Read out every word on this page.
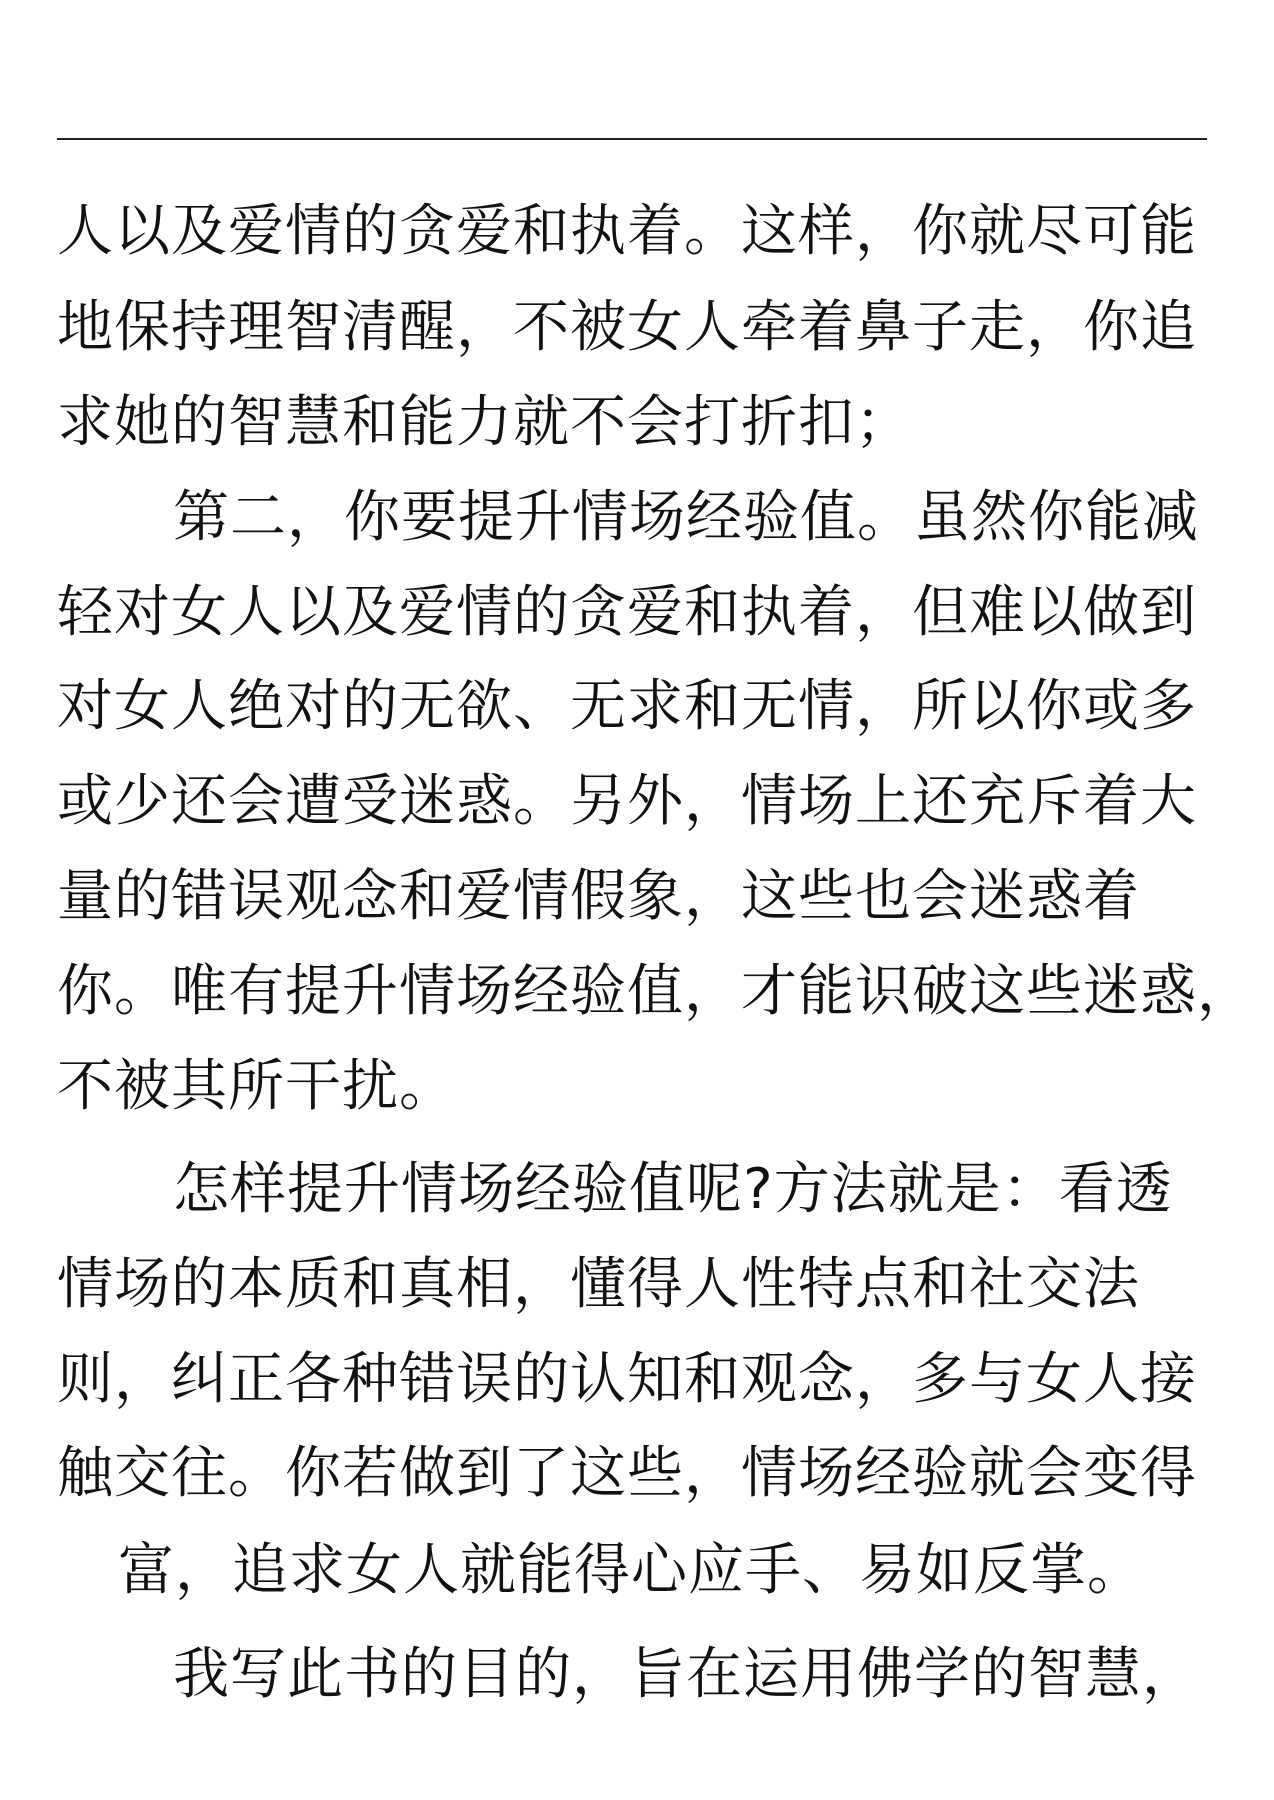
人以及爱情的贪爱和执着。这样，你就尽可能
地保持理智清醒，不被女人牵着鼻子走，你追
求她的智慧和能力就不会打折扣；
第二，你要提升情场经验值。虽然你能减
轻对女人以及爱情的贪爱和执着，但难以做到
对女人绝对的无欲、无求和无情，所以你或多
或少还会遭受迷惑。另外，情场上还充斥着大
量的错误观念和爱情假象，这些也会迷惑着
你。唯有提升情场经验值，才能识破这些迷惑，
不被其所干扰。
怎样提升情场经验值呢?方法就是：看透
情场的本质和真相，懂得人性特点和社交法
则，纠正各种错误的认知和观念，多与女人接
触交往。你若做到了这些，情场经验就会变得
富，追求女人就能得心应手、易如反掌。
我写此书的目的，旨在运用佛学的智慧，
